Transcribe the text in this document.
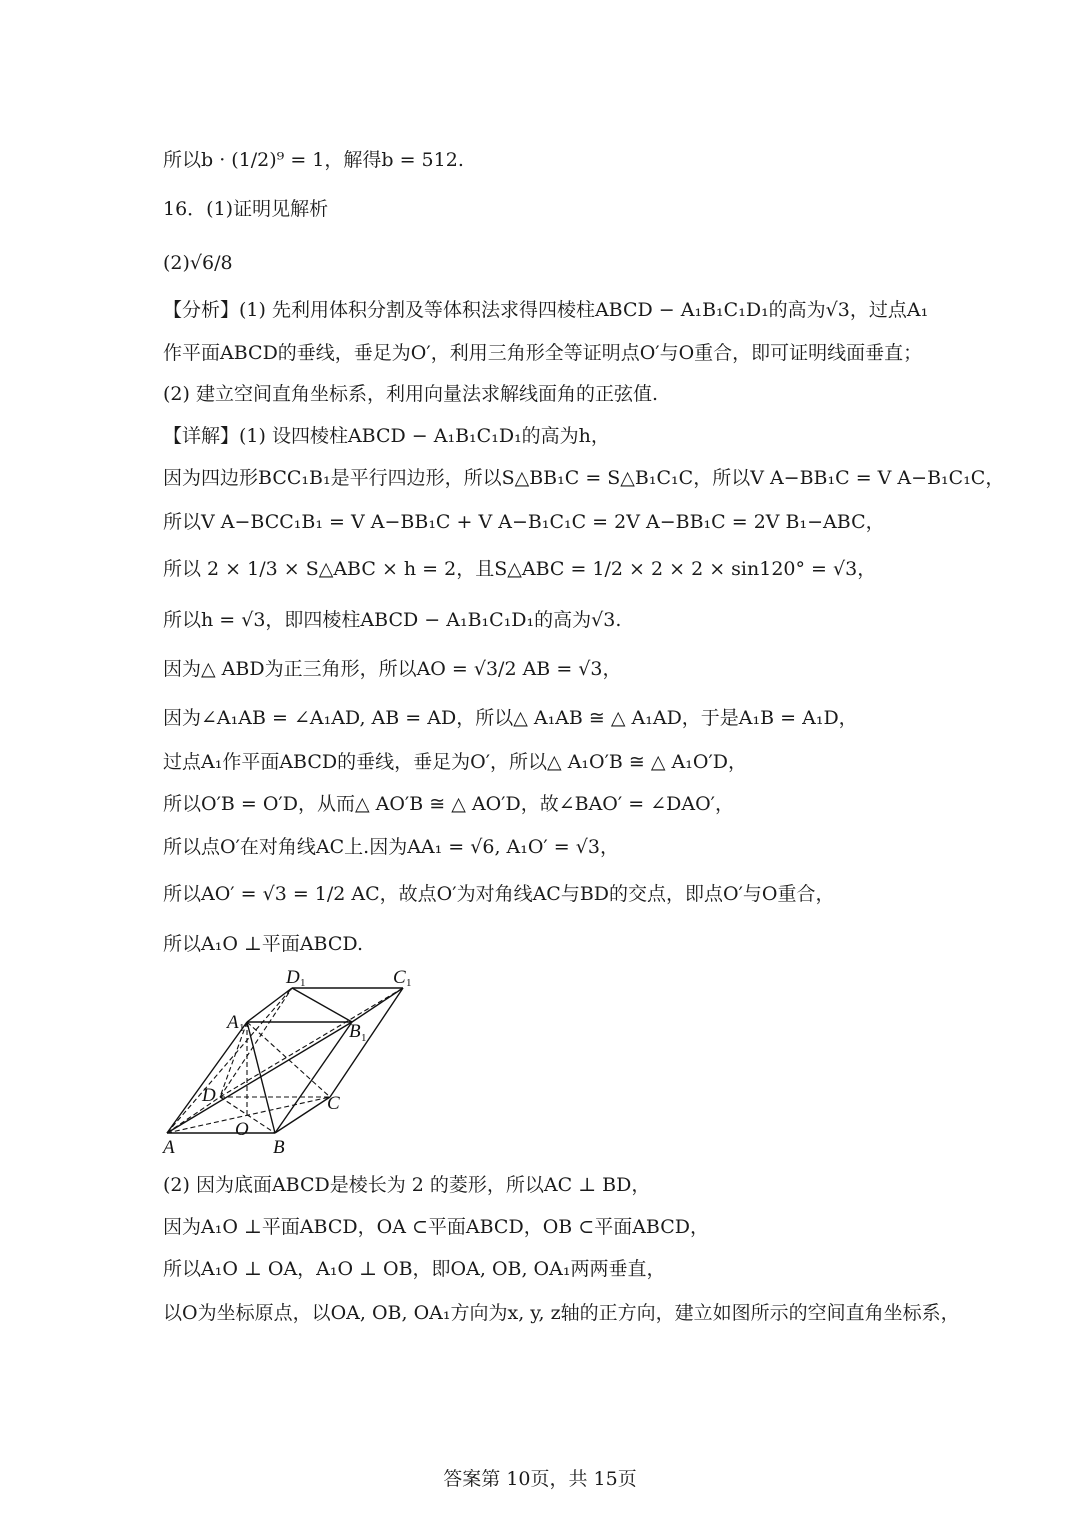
所以b · (1/2)⁹ = 1，解得b = 512.
16．(1)证明见解析
(2)√6/8
【分析】(1) 先利用体积分割及等体积法求得四棱柱ABCD − A₁B₁C₁D₁的高为√3，过点A₁
作平面ABCD的垂线，垂足为O′，利用三角形全等证明点O′与O重合，即可证明线面垂直；
(2) 建立空间直角坐标系，利用向量法求解线面角的正弦值.
【详解】(1) 设四棱柱ABCD − A₁B₁C₁D₁的高为h，
因为四边形BCC₁B₁是平行四边形，所以S△BB₁C = S△B₁C₁C，所以V A−BB₁C = V A−B₁C₁C，
所以V A−BCC₁B₁ = V A−BB₁C + V A−B₁C₁C = 2V A−BB₁C = 2V B₁−ABC，
所以 2 × 1/3 × S△ABC × h = 2，且S△ABC = 1/2 × 2 × 2 × sin120° = √3，
所以h = √3，即四棱柱ABCD − A₁B₁C₁D₁的高为√3.
因为△ ABD为正三角形，所以AO = √3/2 AB = √3，
因为∠A₁AB = ∠A₁AD, AB = AD，所以△ A₁AB ≅ △ A₁AD，于是A₁B = A₁D，
过点A₁作平面ABCD的垂线，垂足为O′，所以△ A₁O′B ≅ △ A₁O′D，
所以O′B = O′D，从而△ AO′B ≅ △ AO′D，故∠BAO′ = ∠DAO′，
所以点O′在对角线AC上.因为AA₁ = √6, A₁O′ = √3，
所以AO′ = √3 = 1/2 AC，故点O′为对角线AC与BD的交点，即点O′与O重合，
所以A₁O ⊥平面ABCD.
A	B
C
D
O
A 1	B 1
C 1
D 1
(2) 因为底面ABCD是棱长为 2 的菱形，所以AC ⊥ BD，
因为A₁O ⊥平面ABCD，OA ⊂平面ABCD，OB ⊂平面ABCD，
所以A₁O ⊥ OA，A₁O ⊥ OB，即OA, OB, OA₁两两垂直，
以O为坐标原点，以OA, OB, OA₁方向为x, y, z轴的正方向，建立如图所示的空间直角坐标系，
答案第 10页，共 15页
